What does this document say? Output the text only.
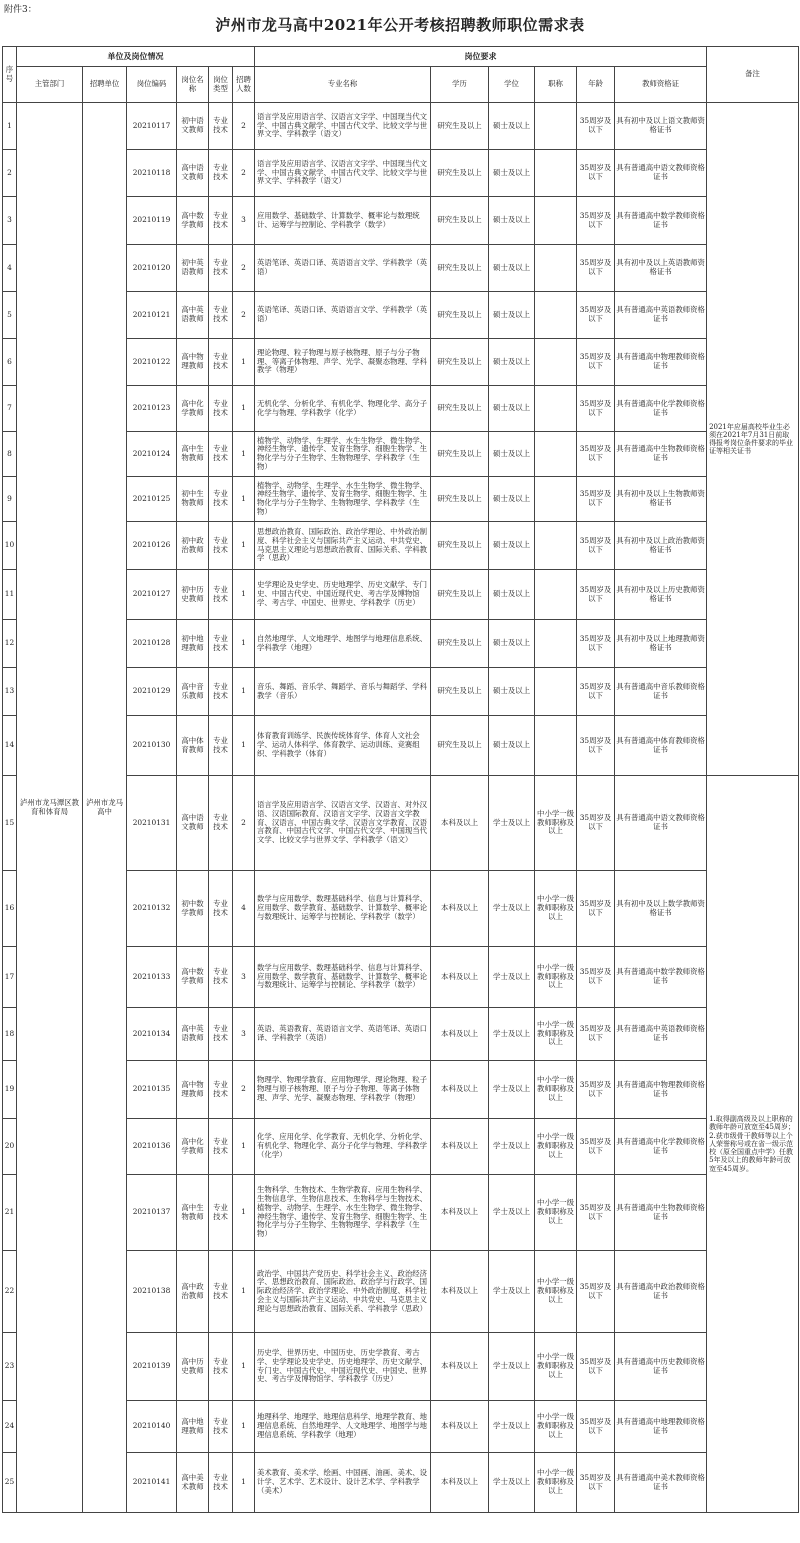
附件3：
泸州市龙马高中2021年公开考核招聘教师职位需求表
序号	单位及岗位情况						岗位要求						备注
	主管部门	招聘单位	岗位编码	岗位名称	岗位类型	招聘人数	专业名称	学历	学位	职称	年龄	教师资格证	
1	泸州市龙马潭区教育和体育局	泸州市龙马高中	20210117	初中语文教师	专业技术	2	语言学及应用语言学、汉语言文字学、中国现当代文学、中国古典文献学、中国古代文学、比较文学与世界文学、学科教学（语文）	研究生及以上	硕士及以上		35周岁及以下	具有初中及以上语文教师资格证书	2021年应届高校毕业生必须在2021年7月31日前取得报考岗位条件要求的毕业证等相关证书
2			20210118	高中语文教师	专业技术	2	语言学及应用语言学、汉语言文字学、中国现当代文学、中国古典文献学、中国古代文学、比较文学与世界文学、学科教学（语文）	研究生及以上	硕士及以上		35周岁及以下	具有普通高中语文教师资格证书	
3			20210119	高中数学教师	专业技术	3	应用数学、基础数学、计算数学、概率论与数理统计、运筹学与控制论、学科教学（数学）	研究生及以上	硕士及以上		35周岁及以下	具有普通高中数学教师资格证书	
4			20210120	初中英语教师	专业技术	2	英语笔译、英语口译、英语语言文学、学科教学（英语）	研究生及以上	硕士及以上		35周岁及以下	具有初中及以上英语教师资格证书	
5			20210121	高中英语教师	专业技术	2	英语笔译、英语口译、英语语言文学、学科教学（英语）	研究生及以上	硕士及以上		35周岁及以下	具有普通高中英语教师资格证书	
6			20210122	高中物理教师	专业技术	1	理论物理、粒子物理与原子核物理、原子与分子物理、等离子体物理、声学、光学、凝聚态物理、学科教学（物理）	研究生及以上	硕士及以上		35周岁及以下	具有普通高中物理教师资格证书	
7			20210123	高中化学教师	专业技术	1	无机化学、分析化学、有机化学、物理化学、高分子化学与物理、学科教学（化学）	研究生及以上	硕士及以上		35周岁及以下	具有普通高中化学教师资格证书	
8			20210124	高中生物教师	专业技术	1	植物学、动物学、生理学、水生生物学、微生物学、神经生物学、遗传学、发育生物学、细胞生物学、生物化学与分子生物学、生物物理学、学科教学（生物）	研究生及以上	硕士及以上		35周岁及以下	具有普通高中生物教师资格证书	
9			20210125	初中生物教师	专业技术	1	植物学、动物学、生理学、水生生物学、微生物学、神经生物学、遗传学、发育生物学、细胞生物学、生物化学与分子生物学、生物物理学、学科教学（生物）	研究生及以上	硕士及以上		35周岁及以下	具有初中及以上生物教师资格证书	
10			20210126	初中政治教师	专业技术	1	思想政治教育、国际政治、政治学理论、中外政治制度、科学社会主义与国际共产主义运动、中共党史、马克思主义理论与思想政治教育、国际关系、学科教学（思政）	研究生及以上	硕士及以上		35周岁及以下	具有初中及以上政治教师资格证书	
11			20210127	初中历史教师	专业技术	1	史学理论及史学史、历史地理学、历史文献学、专门史、中国古代史、中国近现代史、考古学及博物馆学、考古学、中国史、世界史、学科教学（历史）	研究生及以上	硕士及以上		35周岁及以下	具有初中及以上历史教师资格证书	
12			20210128	初中地理教师	专业技术	1	自然地理学、人文地理学、地图学与地理信息系统、学科教学（地理）	研究生及以上	硕士及以上		35周岁及以下	具有初中及以上地理教师资格证书	
13			20210129	高中音乐教师	专业技术	1	音乐、舞蹈、音乐学、舞蹈学、音乐与舞蹈学、学科教学（音乐）	研究生及以上	硕士及以上		35周岁及以下	具有普通高中音乐教师资格证书	
14			20210130	高中体育教师	专业技术	1	体育教育训练学、民族传统体育学、体育人文社会学、运动人体科学、体育教学、运动训练、竞赛组织、学科教学（体育）	研究生及以上	硕士及以上		35周岁及以下	具有普通高中体育教师资格证书	
15			20210131	高中语文教师	专业技术	2	语言学及应用语言学、汉语言文学、汉语言、对外汉语、汉语国际教育、汉语言文字学、汉语言文学教育、汉语言、中国古典文学、汉语言文学教育、汉语言教育、中国古代文学、中国古代文学、中国现当代文学、比较文学与世界文学、学科教学（语文）	本科及以上	学士及以上	中小学一级教师职称及以上	35周岁及以下	具有普通高中语文教师资格证书	1.取得副高级及以上职称的教师年龄可放宽至45周岁；
2.获市级骨干教师等以上个人荣誉称号或在省一级示范校（原全国重点中学）任教5年及以上的教师年龄可放宽至45周岁。
16			20210132	初中数学教师	专业技术	4	数学与应用数学、数理基础科学、信息与计算科学、应用数学、数学教育、基础数学、计算数学、概率论与数理统计、运筹学与控制论、学科教学（数学）	本科及以上	学士及以上	中小学一级教师职称及以上	35周岁及以下	具有初中及以上数学教师资格证书	
17			20210133	高中数学教师	专业技术	3	数学与应用数学、数理基础科学、信息与计算科学、应用数学、数学教育、基础数学、计算数学、概率论与数理统计、运筹学与控制论、学科教学（数学）	本科及以上	学士及以上	中小学一级教师职称及以上	35周岁及以下	具有普通高中数学教师资格证书	
18			20210134	高中英语教师	专业技术	3	英语、英语教育、英语语言文学、英语笔译、英语口译、学科教学（英语）	本科及以上	学士及以上	中小学一级教师职称及以上	35周岁及以下	具有普通高中英语教师资格证书	
19			20210135	高中物理教师	专业技术	2	物理学、物理学教育、应用物理学、理论物理、粒子物理与原子核物理、原子与分子物理、等离子体物理、声学、光学、凝聚态物理、学科教学（物理）	本科及以上	学士及以上	中小学一级教师职称及以上	35周岁及以下	具有普通高中物理教师资格证书	
20			20210136	高中化学教师	专业技术	1	化学、应用化学、化学教育、无机化学、分析化学、有机化学、物理化学、高分子化学与物理、学科教学（化学）	本科及以上	学士及以上	中小学一级教师职称及以上	35周岁及以下	具有普通高中化学教师资格证书	
21			20210137	高中生物教师	专业技术	1	生物科学、生物技术、生物学教育、应用生物科学、生物信息学、生物信息技术、生物科学与生物技术、植物学、动物学、生理学、水生生物学、微生物学、神经生物学、遗传学、发育生物学、细胞生物学、生物化学与分子生物学、生物物理学、学科教学（生物）	本科及以上	学士及以上	中小学一级教师职称及以上	35周岁及以下	具有普通高中生物教师资格证书	
22			20210138	高中政治教师	专业技术	1	政治学、中国共产党历史、科学社会主义、政治经济学、思想政治教育、国际政治、政治学与行政学、国际政治经济学、政治学理论、中外政治制度、科学社会主义与国际共产主义运动、中共党史、马克思主义理论与思想政治教育、国际关系、学科教学（思政）	本科及以上	学士及以上	中小学一级教师职称及以上	35周岁及以下	具有普通高中政治教师资格证书	
23			20210139	高中历史教师	专业技术	1	历史学、世界历史、中国历史、历史学教育、考古学、史学理论及史学史、历史地理学、历史文献学、专门史、中国古代史、中国近现代史、中国史、世界史、考古学及博物馆学、学科教学（历史）	本科及以上	学士及以上	中小学一级教师职称及以上	35周岁及以下	具有普通高中历史教师资格证书	
24			20210140	高中地理教师	专业技术	1	地理科学、地理学、地理信息科学、地理学教育、地理信息系统、自然地理学、人文地理学、地图学与地理信息系统、学科教学（地理）	本科及以上	学士及以上	中小学一级教师职称及以上	35周岁及以下	具有普通高中地理教师资格证书	
25			20210141	高中美术教师	专业技术	1	美术教育、美术学、绘画、中国画、油画、美术、设计学、艺术学、艺术设计、设计艺术学、学科教学（美术）	本科及以上	学士及以上	中小学一级教师职称及以上	35周岁及以下	具有普通高中美术教师资格证书	
